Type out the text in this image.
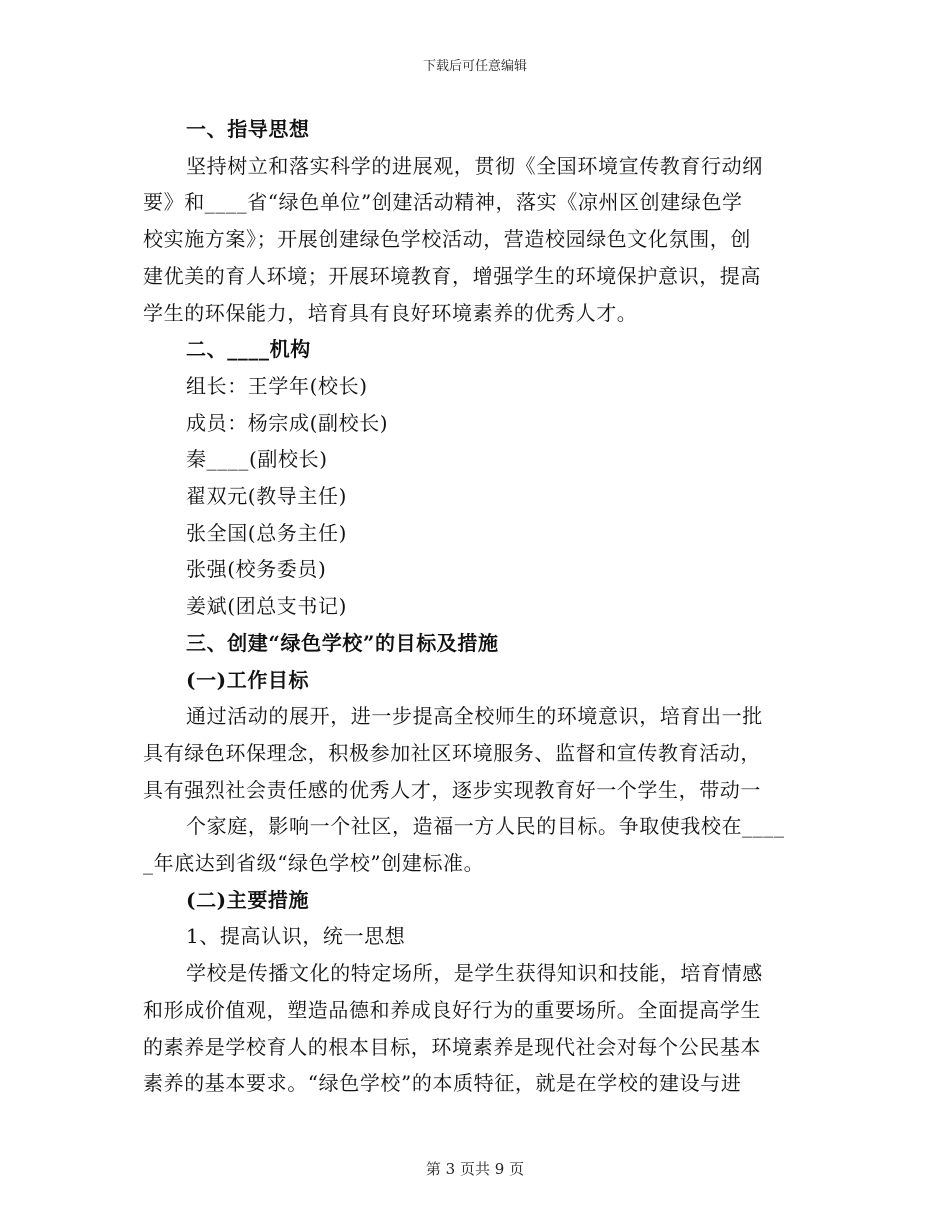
下载后可任意编辑
一、指导思想
坚持树立和落实科学的进展观，贯彻《全国环境宣传教育行动纲
要》和____省“绿色单位”创建活动精神，落实《凉州区创建绿色学
校实施方案》；开展创建绿色学校活动，营造校园绿色文化氛围，创
建优美的育人环境；开展环境教育，增强学生的环境保护意识，提高
学生的环保能力，培育具有良好环境素养的优秀人才。
二、____机构
组长：王学年(校长)
成员：杨宗成(副校长)
秦____(副校长)
翟双元(教导主任)
张全国(总务主任)
张强(校务委员)
姜斌(团总支书记)
三、创建“绿色学校”的目标及措施
(一)工作目标
通过活动的展开，进一步提高全校师生的环境意识，培育出一批
具有绿色环保理念，积极参加社区环境服务、监督和宣传教育活动，
具有强烈社会责任感的优秀人才，逐步实现教育好一个学生，带动一
个家庭，影响一个社区，造福一方人民的目标。争取使我校在____
_年底达到省级“绿色学校”创建标准。
(二)主要措施
1、提高认识，统一思想
学校是传播文化的特定场所，是学生获得知识和技能，培育情感
和形成价值观，塑造品德和养成良好行为的重要场所。全面提高学生
的素养是学校育人的根本目标，环境素养是现代社会对每个公民基本
素养的基本要求。“绿色学校”的本质特征，就是在学校的建设与进
第 3 页共 9 页
